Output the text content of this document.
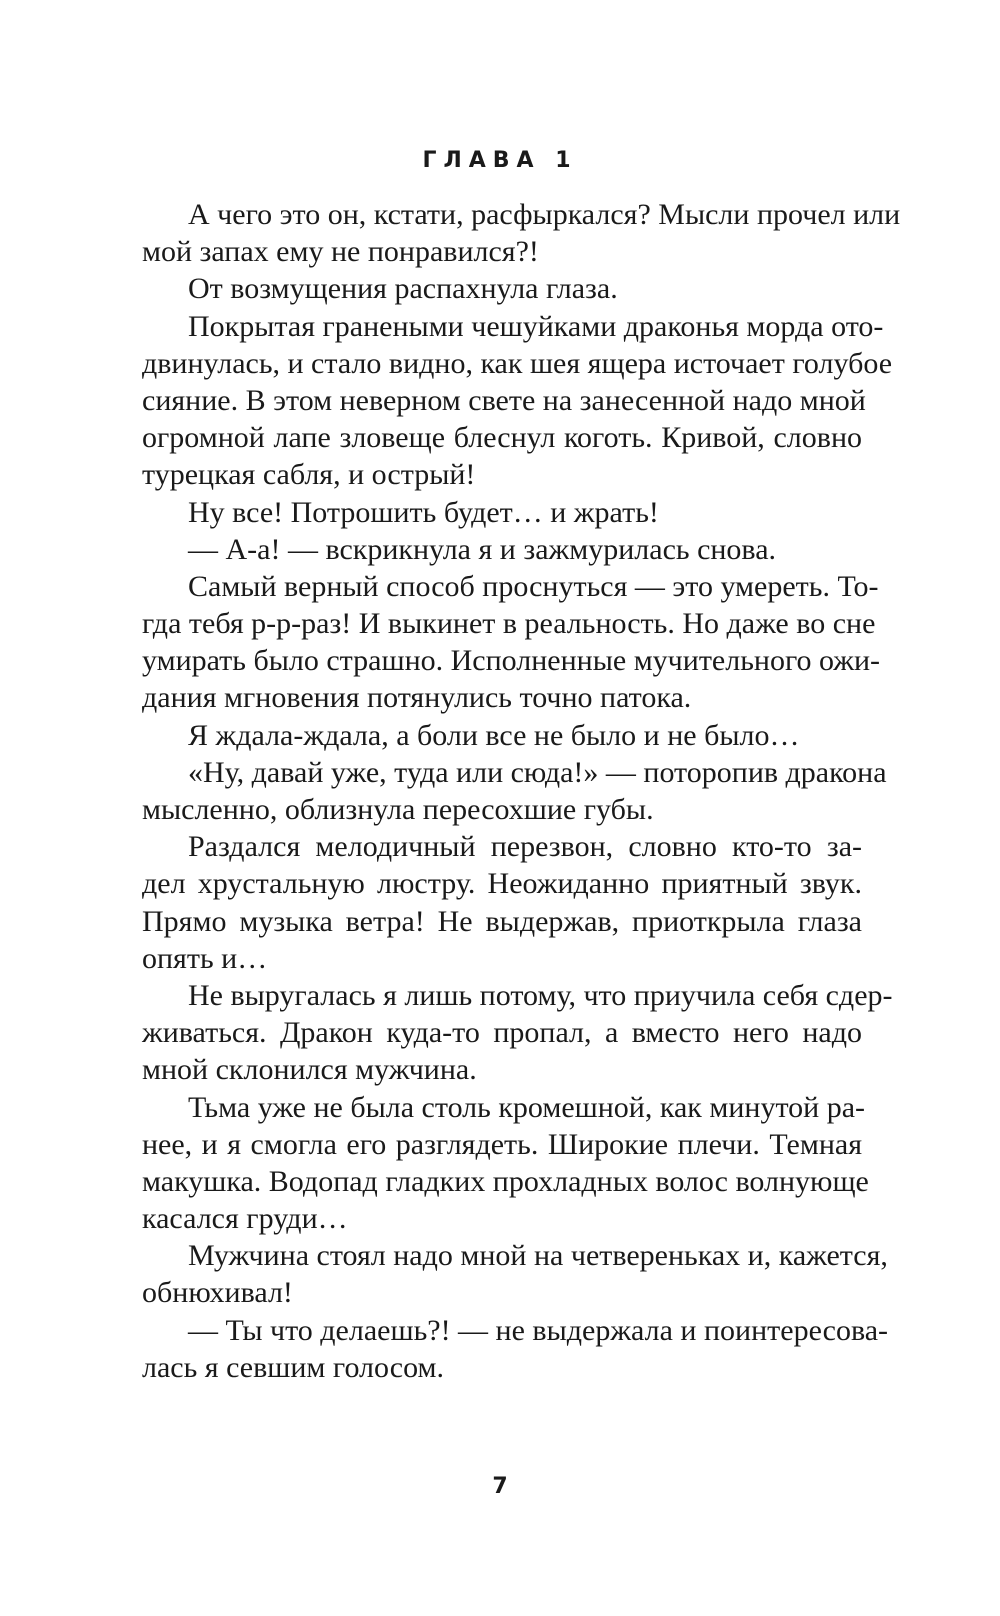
ГЛАВА 1
А чего это он, кстати, расфыркался? Мысли прочел или
мой запах ему не понравился?!
От возмущения распахнула глаза.
Покрытая гранеными чешуйками драконья морда ото-
двинулась, и стало видно, как шея ящера источает голубое
сияние. В этом неверном свете на занесенной надо мной
огромной лапе зловеще блеснул коготь. Кривой, словно
турецкая сабля, и острый!
Ну все! Потрошить будет… и жрать!
— А-а! — вскрикнула я и зажмурилась снова.
Самый верный способ проснуться — это умереть. То-
гда тебя р-р-раз! И выкинет в реальность. Но даже во сне
умирать было страшно. Исполненные мучительного ожи-
дания мгновения потянулись точно патока.
Я ждала-ждала, а боли все не было и не было…
«Ну, давай уже, туда или сюда!» — поторопив дракона
мысленно, облизнула пересохшие губы.
Раздался мелодичный перезвон, словно кто-то за-
дел хрустальную люстру. Неожиданно приятный звук.
Прямо музыка ветра! Не выдержав, приоткрыла глаза
опять и…
Не выругалась я лишь потому, что приучила себя сдер-
живаться. Дракон куда-то пропал, а вместо него надо
мной склонился мужчина.
Тьма уже не была столь кромешной, как минутой ра-
нее, и я смогла его разглядеть. Широкие плечи. Темная
макушка. Водопад гладких прохладных волос волнующе
касался груди…
Мужчина стоял надо мной на четвереньках и, кажется,
обнюхивал!
— Ты что делаешь?! — не выдержала и поинтересова-
лась я севшим голосом.
7
